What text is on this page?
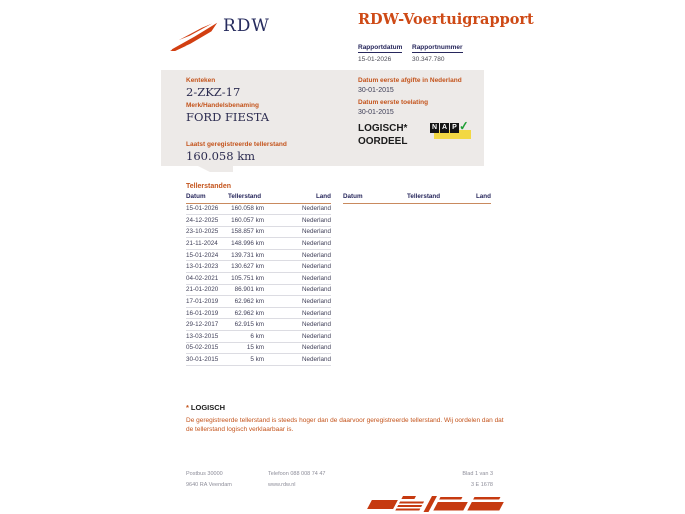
RDW	RDW-Voertuigrapport
Rapportdatum
15-01-2026
Rapportnummer
30.347.780

Kenteken

2-ZKZ-17

Merk/Handelsbenaming

FORD FIESTA

Laatst geregistreerde tellerstand

160.058 km

Datum eerste afgifte in Nederland

30-01-2015

Datum eerste toelating

30-01-2015

LOGISCH*
OORDEEL
N A P ✓
Tellerstanden
Datum	Tellerstand	Land
15-01-2026	160.058 km	Nederland
24-12-2025	160.057 km	Nederland
23-10-2025	158.857 km	Nederland
21-11-2024	148.996 km	Nederland
15-01-2024	139.731 km	Nederland
13-01-2023	130.627 km	Nederland
04-02-2021	105.751 km	Nederland
21-01-2020	86.901 km	Nederland
17-01-2019	62.962 km	Nederland
16-01-2019	62.962 km	Nederland
29-12-2017	62.915 km	Nederland
13-03-2015	6 km	Nederland
05-02-2015	15 km	Nederland
30-01-2015	5 km	Nederland
Datum	Tellerstand	Land

* LOGISCH

De geregistreerde tellerstand is steeds hoger dan de daarvoor geregistreerde tellerstand. Wij oordelen dan dat de tellerstand logisch verklaarbaar is.

Postbus 30000
9640 RA Veendam
Telefoon 088 008 74 47
www.rdw.nl
Blad 1 van 3
3 E 1678
